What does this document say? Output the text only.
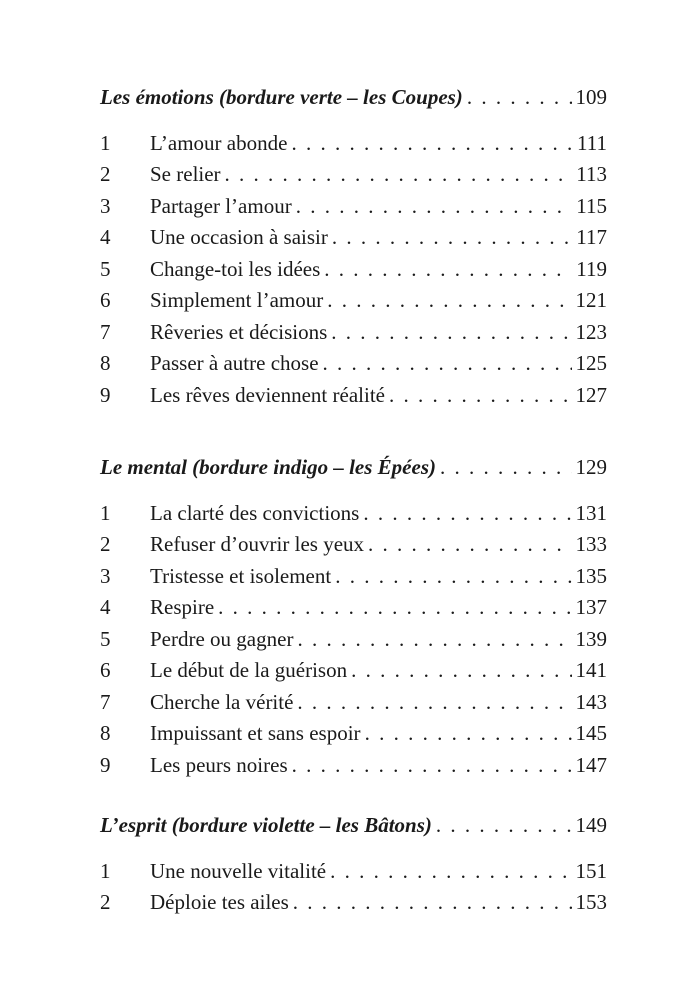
Les émotions (bordure verte – les Coupes) . . .	109
1	L’amour abonde . . .	111
2	Se relier . . .	113
3	Partager l’amour . . .	115
4	Une occasion à saisir . . .	117
5	Change-toi les idées . . .	119
6	Simplement l’amour . . .	121
7	Rêveries et décisions . . .	123
8	Passer à autre chose . . .	125
9	Les rêves deviennent réalité . . .	127
Le mental (bordure indigo – les Épées) . . .	129
1	La clarté des convictions . . .	131
2	Refuser d’ouvrir les yeux . . .	133
3	Tristesse et isolement . . .	135
4	Respire . . .	137
5	Perdre ou gagner . . .	139
6	Le début de la guérison . . .	141
7	Cherche la vérité . . .	143
8	Impuissant et sans espoir . . .	145
9	Les peurs noires . . .	147
L’esprit (bordure violette – les Bâtons) . . .	149
1	Une nouvelle vitalité . . .	151
2	Déploie tes ailes . . .	153
